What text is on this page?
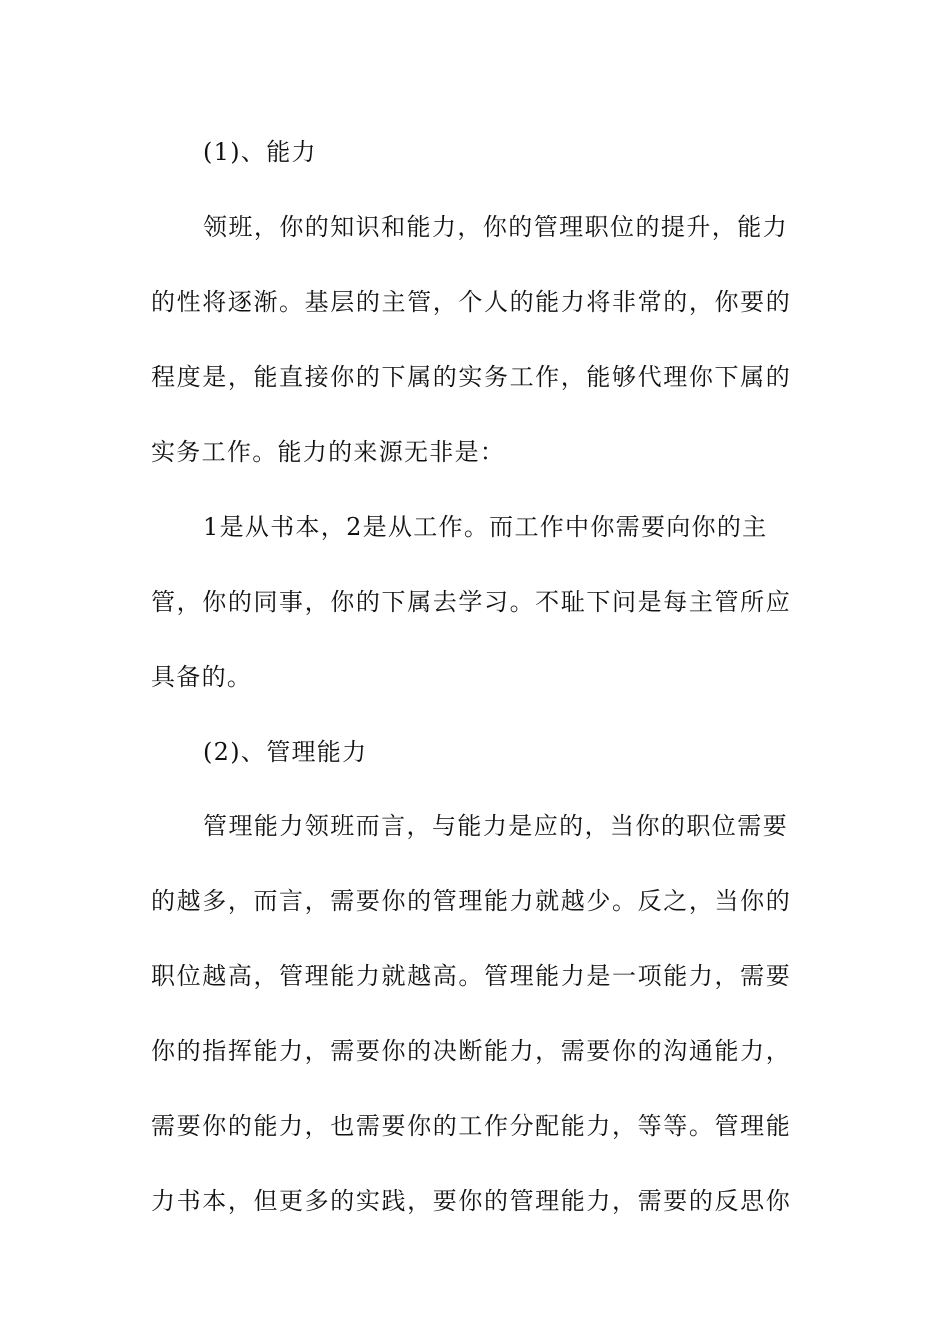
(1)、能力
领班，你的知识和能力，你的管理职位的提升，能力
的性将逐渐。基层的主管，个人的能力将非常的，你要的
程度是，能直接你的下属的实务工作，能够代理你下属的
实务工作。能力的来源无非是：
1是从书本，2是从工作。而工作中你需要向你的主
管，你的同事，你的下属去学习。不耻下问是每主管所应
具备的。
(2)、管理能力
管理能力领班而言，与能力是应的，当你的职位需要
的越多，而言，需要你的管理能力就越少。反之，当你的
职位越高，管理能力就越高。管理能力是一项能力，需要
你的指挥能力，需要你的决断能力，需要你的沟通能力，
需要你的能力，也需要你的工作分配能力，等等。管理能
力书本，但更多的实践，要你的管理能力，需要的反思你
